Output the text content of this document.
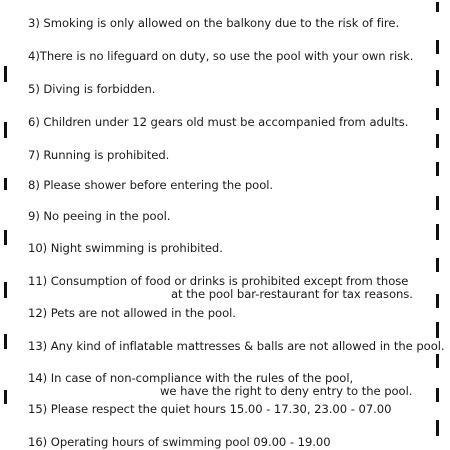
3) Smoking is only allowed on the balkony due to the risk of fire.
4)There is no lifeguard on duty, so use the pool with your own risk.
5) Diving is forbidden.
6) Children under 12 gears old must be accompanied from adults.
7) Running is prohibited.
8) Please shower before entering the pool.
9) No peeing in the pool.
10) Night swimming is prohibited.
11) Consumption of food or drinks is prohibited except from those
at the pool bar-restaurant for tax reasons.
12) Pets are not allowed in the pool.
13) Any kind of inflatable mattresses & balls are not allowed in the pool.
14) In case of non-compliance with the rules of the pool,
we have the right to deny entry to the pool.
15) Please respect the quiet hours 15.00 - 17.30, 23.00 - 07.00
16) Operating hours of swimming pool 09.00 - 19.00
